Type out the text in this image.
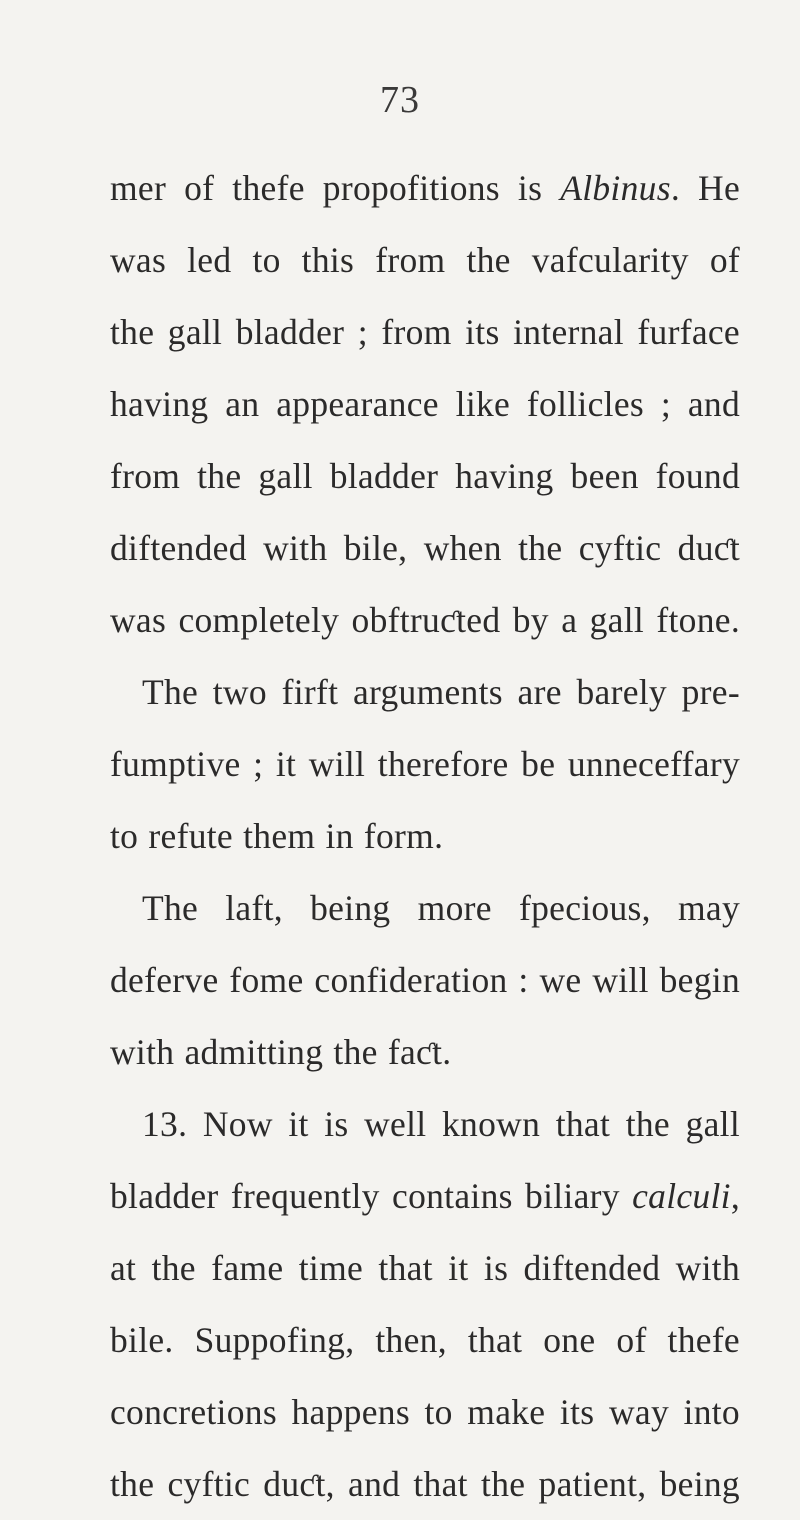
73
mer of thefe propofitions is Albinus. He
was led to this from the vafcularity of
the gall bladder ; from its internal furface
having an appearance like follicles ; and
from the gall bladder having been found
diftended with bile, when the cyftic duƈt
was completely obftruƈted by a gall ftone.
The two firft arguments are barely pre-
fumptive ; it will therefore be unneceffary
to refute them in form.
The laft, being more fpecious, may
deferve fome confideration : we will begin
with admitting the faƈt.
13. Now it is well known that the gall
bladder frequently contains biliary calculi,
at the fame time that it is diftended with
bile. Suppofing, then, that one of thefe
concretions happens to make its way into
the cyftic duƈt, and that the patient, being
